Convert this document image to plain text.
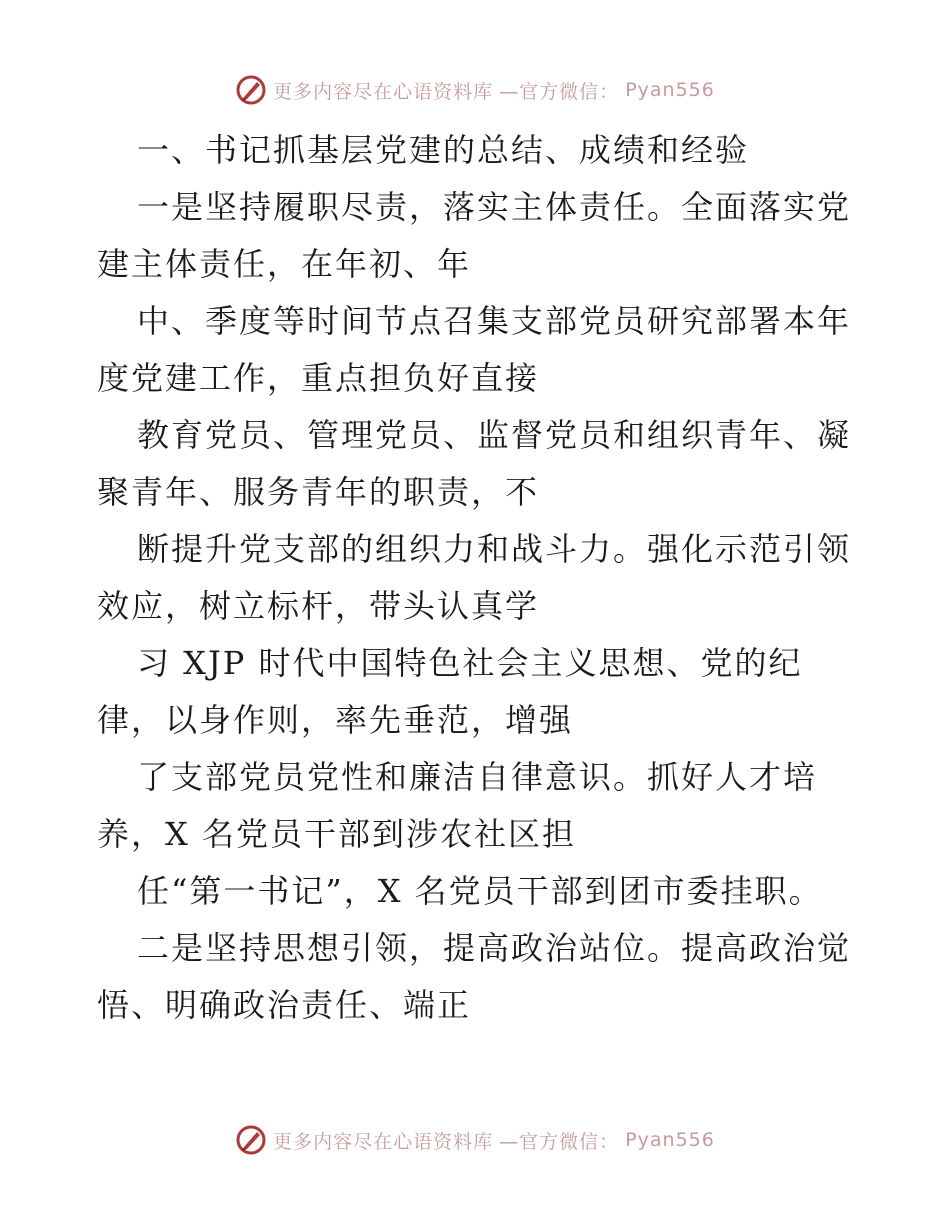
更多内容尽在心语资料库 —官方微信： Pyan556
一、书记抓基层党建的总结、成绩和经验
一是坚持履职尽责，落实主体责任。全面落实党
建主体责任，在年初、年
中、季度等时间节点召集支部党员研究部署本年
度党建工作，重点担负好直接
教育党员、管理党员、监督党员和组织青年、凝
聚青年、服务青年的职责，不
断提升党支部的组织力和战斗力。强化示范引领
效应，树立标杆，带头认真学
习 XJP 时代中国特色社会主义思想、党的纪
律，以身作则，率先垂范，增强
了支部党员党性和廉洁自律意识。抓好人才培
养，X 名党员干部到涉农社区担
任“第一书记”，X 名党员干部到团市委挂职。
二是坚持思想引领，提高政治站位。提高政治觉
悟、明确政治责任、端正
更多内容尽在心语资料库 —官方微信： Pyan556
